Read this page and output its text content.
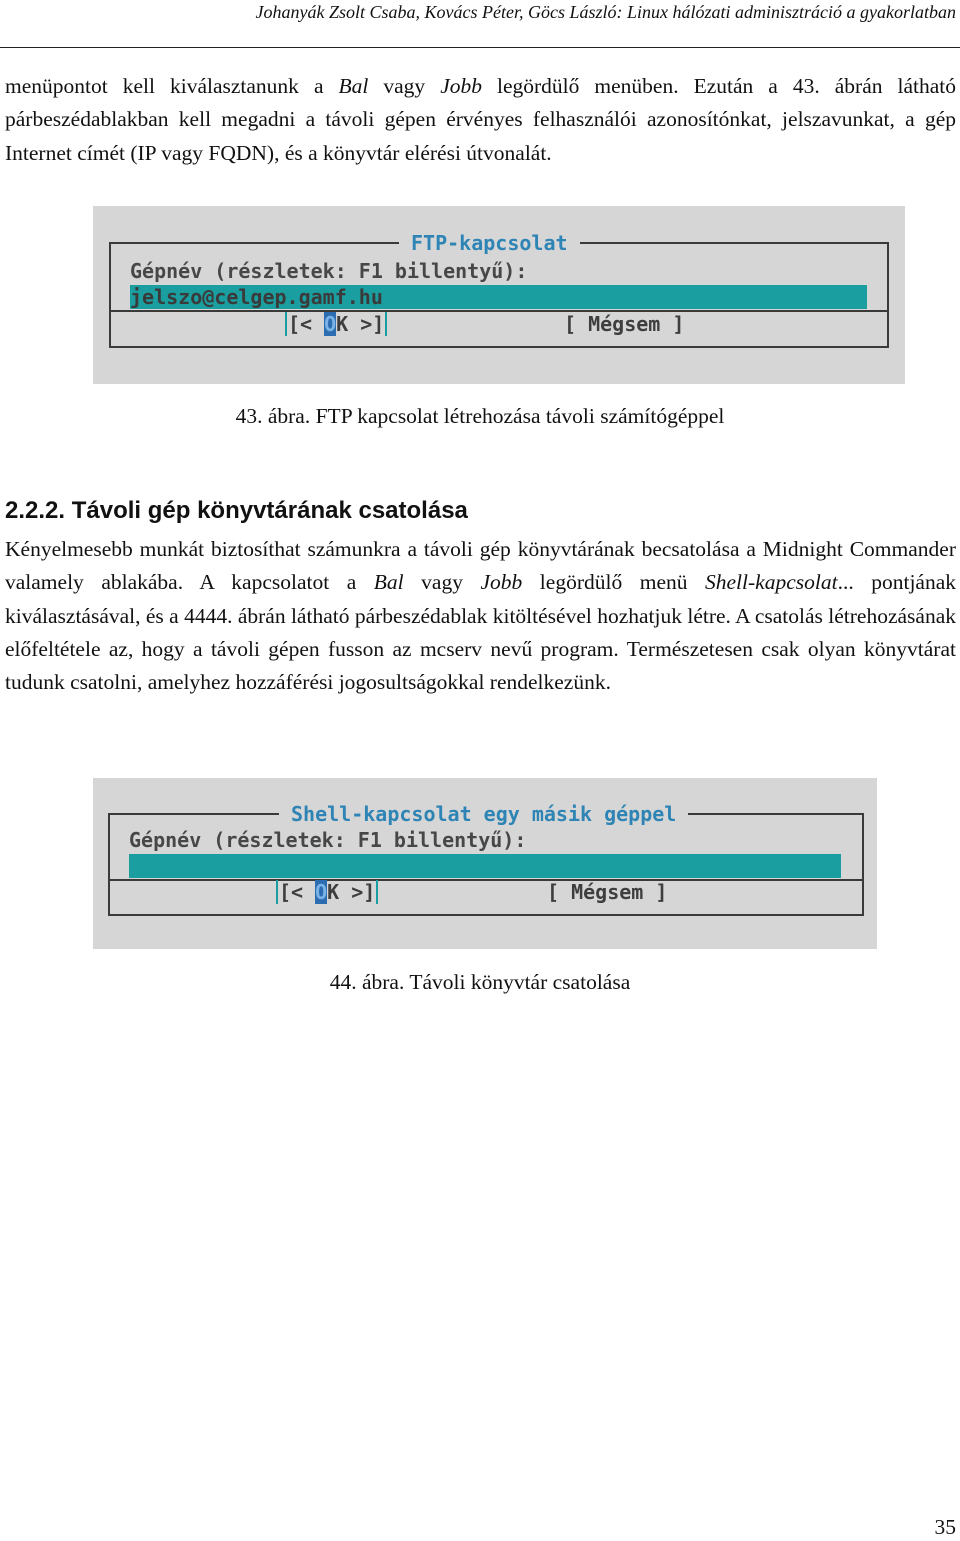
Johanyák Zsolt Csaba, Kovács Péter, Göcs László: Linux hálózati adminisztráció a gyakorlatban

menüpontot kell kiválasztanunk a Bal vagy Jobb legördülő menüben. Ezután a 43. ábrán látható párbeszédablakban kell megadni a távoli gépen érvényes felhasználói azonosítónkat, jelszavunkat, a gép Internet címét (IP vagy FQDN), és a könyvtár elérési útvonalát.

FTP-kapcsolat
Gépnév (részletek: F1 billentyű):
jelszo@celgep.gamf.hu
[< OK >]	[ Mégsem ]
43. ábra. FTP kapcsolat létrehozása távoli számítógéppel
2.2.2. Távoli gép könyvtárának csatolása

Kényelmesebb munkát biztosíthat számunkra a távoli gép könyvtárának becsatolása a Midnight Commander valamely ablakába. A kapcsolatot a Bal vagy Jobb legördülő menü Shell-kapcsolat... pontjának kiválasztásával, és a 4444. ábrán látható párbeszédablak kitöltésével hozhatjuk létre. A csatolás létrehozásának előfeltétele az, hogy a távoli gépen fusson az mcserv nevű program. Természetesen csak olyan könyvtárat tudunk csatolni, amelyhez hozzáférési jogosultságokkal rendelkezünk.

Shell-kapcsolat egy másik géppel
Gépnév (részletek: F1 billentyű):
[< OK >]	[ Mégsem ]
44. ábra. Távoli könyvtár csatolása
35
